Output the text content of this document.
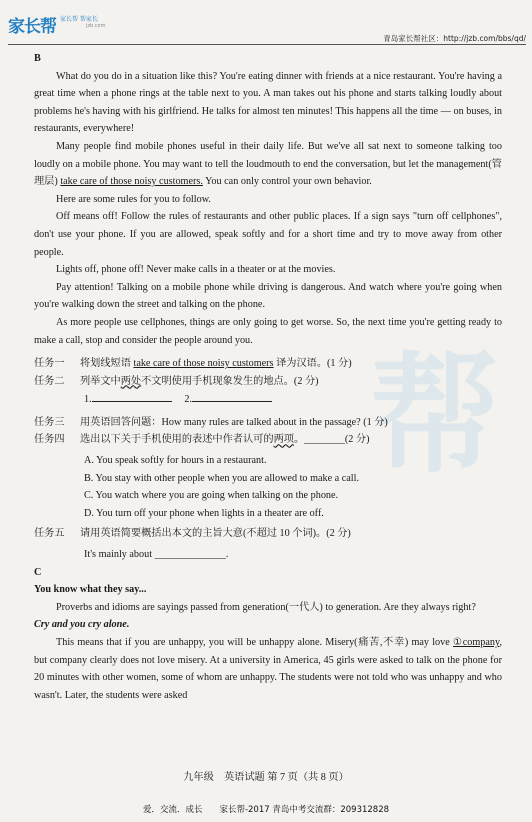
家长帮 家长帮 帮家长
jzb.com
青岛家长帮社区：http://jzb.com/bbs/qd/
帮

B

What do you do in a situation like this? You're eating dinner with friends at a nice restaurant. You're having a great time when a phone rings at the table next to you. A man takes out his phone and starts talking loudly about problems he's having with his girlfriend. He talks for almost ten minutes! This happens all the time — on buses, in restaurants, everywhere!

Many people find mobile phones useful in their daily life. But we've all sat next to someone talking too loudly on a mobile phone. You may want to tell the loudmouth to end the conversation, but let the management(管理层) take care of those noisy customers. You can only control your own behavior.

Here are some rules for you to follow.

Off means off! Follow the rules of restaurants and other public places. If a sign says "turn off cellphones", don't use your phone. If you are allowed, speak softly and for a short time and try to move away from other people.

Lights off, phone off! Never make calls in a theater or at the movies.

Pay attention! Talking on a mobile phone while driving is dangerous. And watch where you're going when you're walking down the street and talking on the phone.

As more people use cellphones, things are only going to get worse. So, the next time you're getting ready to make a call, stop and consider the people around you.

任务一	将划线短语 take care of those noisy customers 译为汉语。(1 分)
任务二	列举文中两处不文明使用手机现象发生的地点。(2 分)
1.	2.
任务三	用英语回答问题：How many rules are talked about in the passage? (1 分)
任务四	选出以下关于手机使用的表述中作者认可的两项。________(2 分)
A. You speak softly for hours in a restaurant.
B. You stay with other people when you are allowed to make a call.
C. You watch where you are going when talking on the phone.
D. You turn off your phone when lights in a theater are off.
任务五	请用英语简要概括出本文的主旨大意(不超过 10 个词)。(2 分)
It's mainly about ______________.

C

You know what they say...

Proverbs and idioms are sayings passed from generation(一代人) to generation. Are they always right?

Cry and you cry alone.

This means that if you are unhappy, you will be unhappy alone. Misery(痛苦,不幸) may love ①company, but company clearly does not love misery. At a university in America, 45 girls were asked to talk on the phone for 20 minutes with other women, some of whom are unhappy. The students were not told who was unhappy and who wasn't. Later, the students were asked

九年级　英语试题 第 7 页（共 8 页）
爱．交流．成长　　家长帮-2017 青岛中考交流群：209312828
